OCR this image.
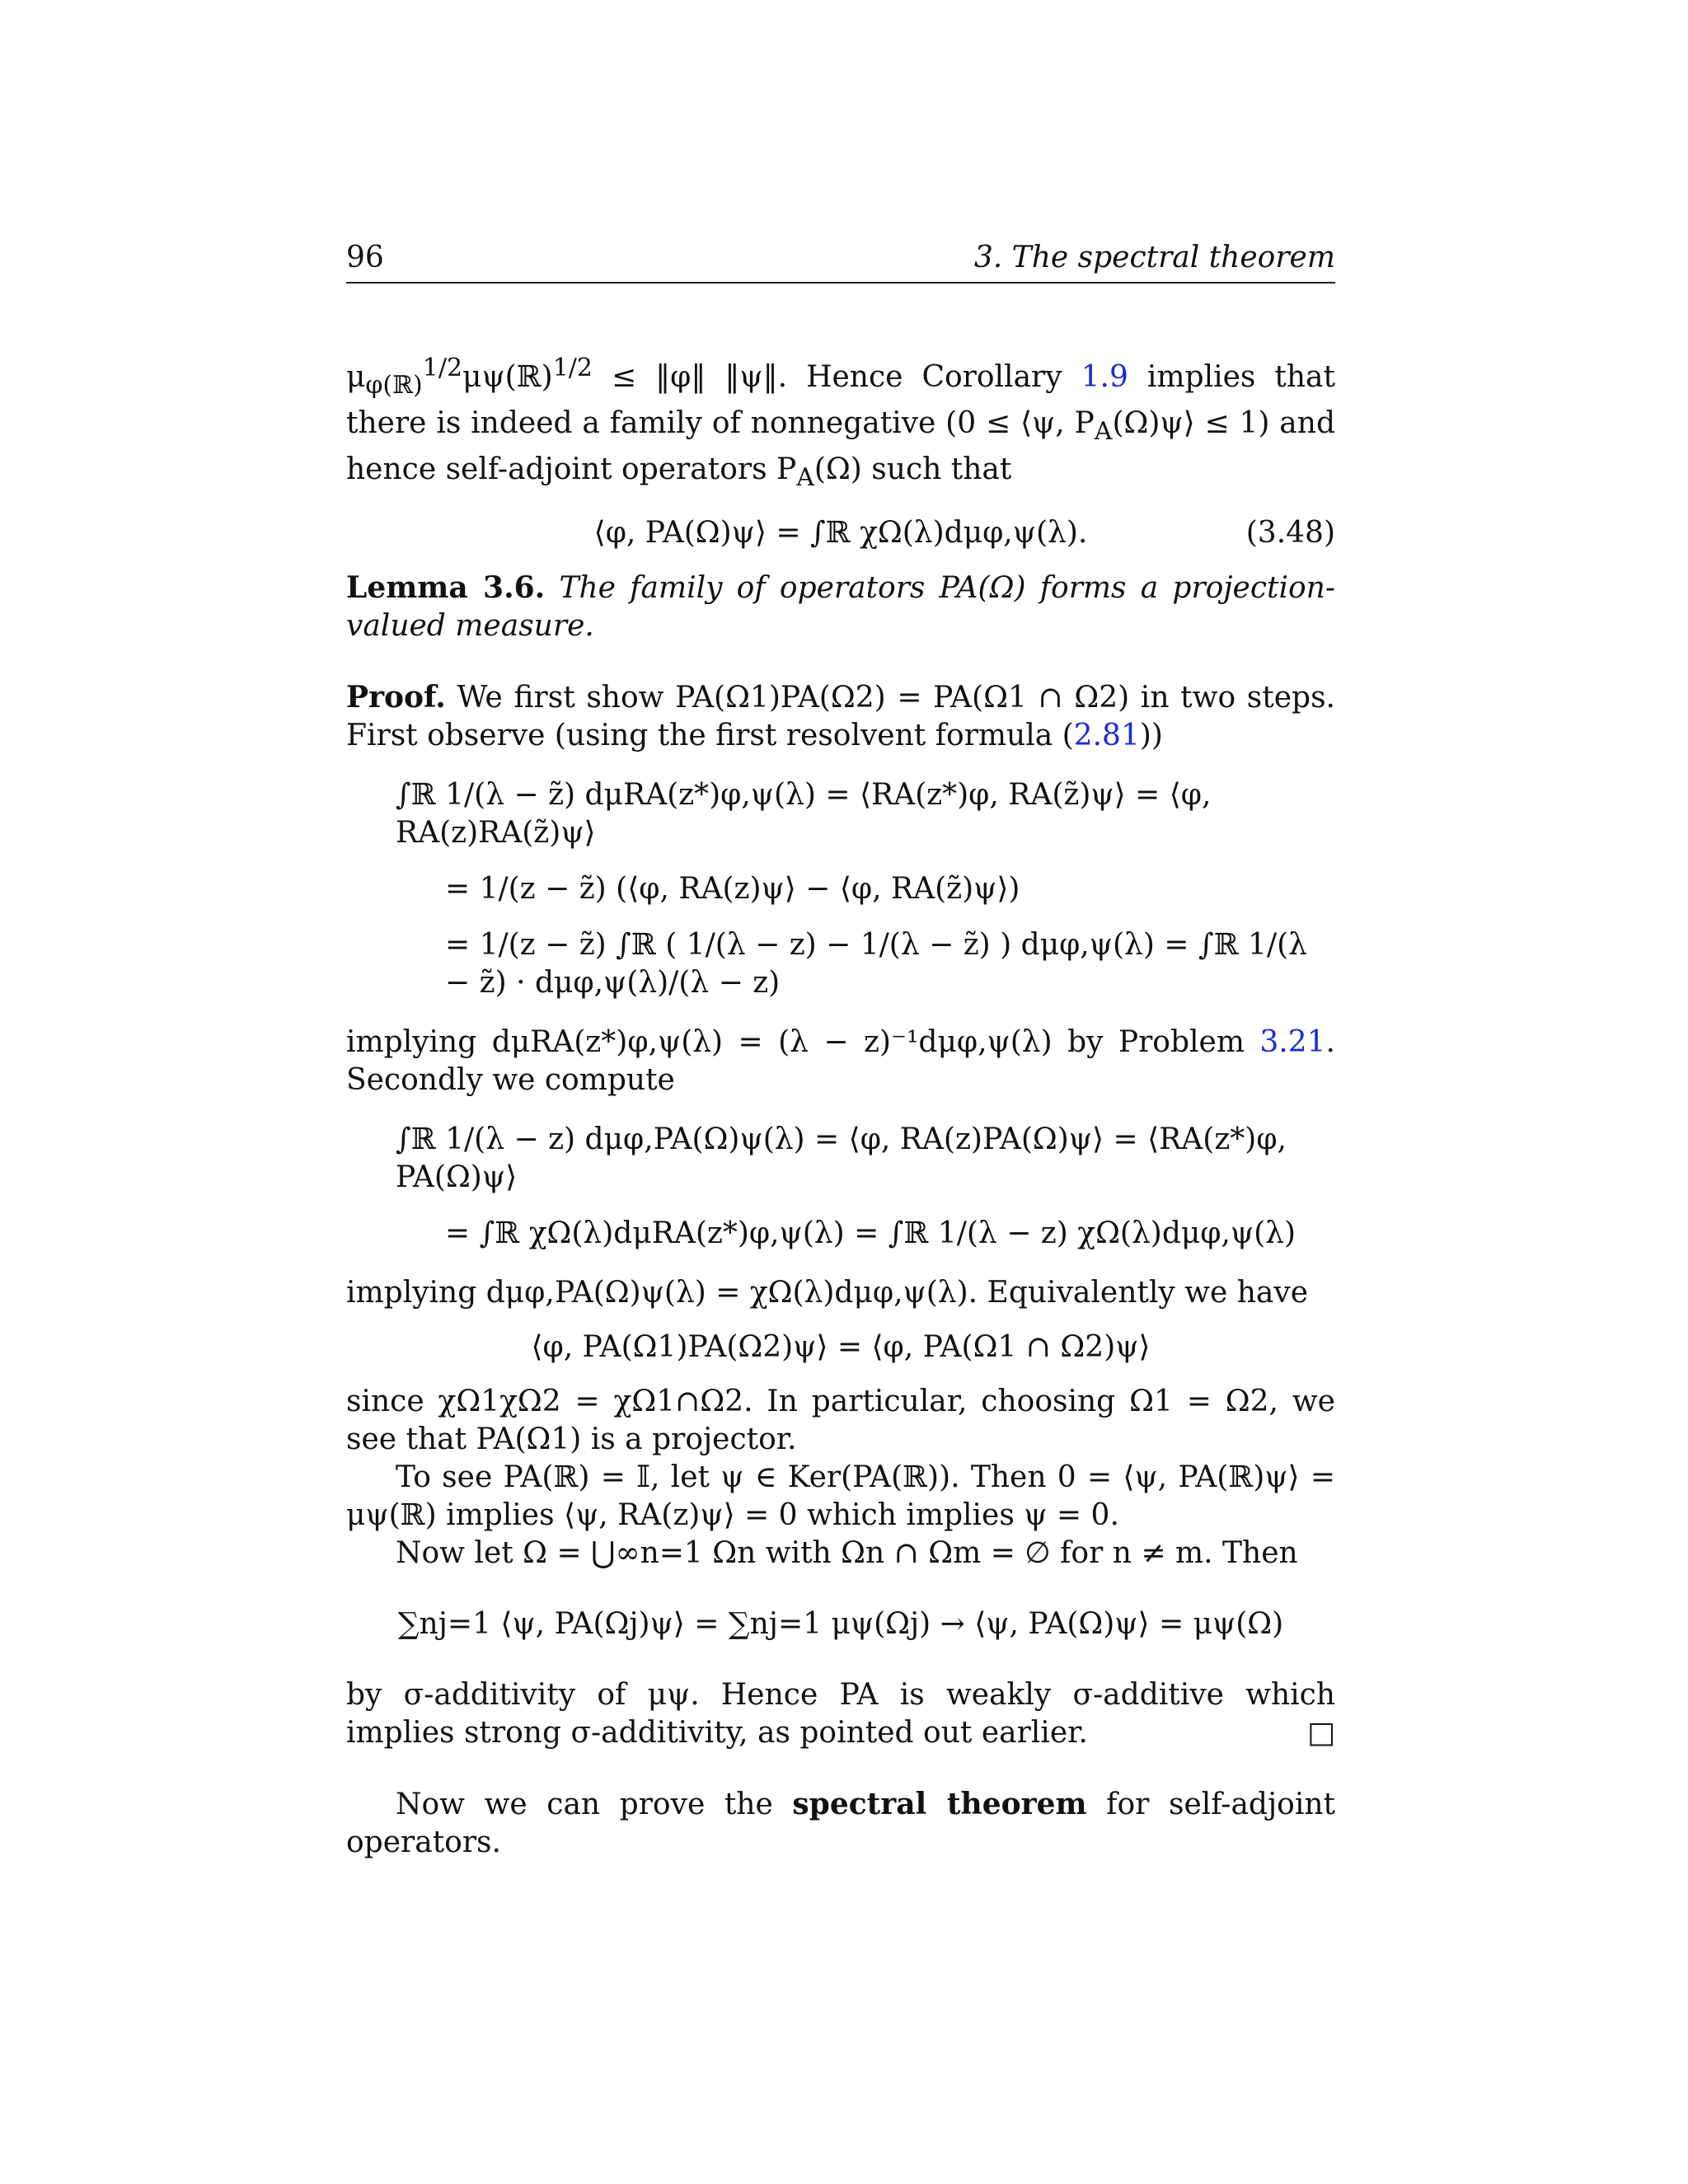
96	3. The spectral theorem

$\mu_{\varphi(ℝ)}^{1/2}\mu\psi(ℝ)^{1/2}$ ≤ ‖φ‖ ‖ψ‖. Hence Corollary 1.9 implies that there is indeed a family of nonnegative (0 ≤ ⟨ψ, $P_A(\Omega)\psi⟩ \le 1$) and hence self-adjoint operators $P_A(\Omega)$ such that

⟨φ, PA(Ω)ψ⟩ = ∫ℝ χΩ(λ)dμφ,ψ(λ).	(3.48)

Lemma 3.6. The family of operators PA(Ω) forms a projection-valued measure.

Proof. We first show PA(Ω1)PA(Ω2) = PA(Ω1 ∩ Ω2) in two steps. First observe (using the first resolvent formula (2.81))

∫ℝ 1/(λ − z̃) dμRA(z*)φ,ψ(λ) = ⟨RA(z*)φ, RA(z̃)ψ⟩ = ⟨φ, RA(z)RA(z̃)ψ⟩
= 1/(z − z̃) (⟨φ, RA(z)ψ⟩ − ⟨φ, RA(z̃)ψ⟩)
= 1/(z − z̃) ∫ℝ ( 1/(λ − z) − 1/(λ − z̃) ) dμφ,ψ(λ) = ∫ℝ 1/(λ − z̃) · dμφ,ψ(λ)/(λ − z)

implying dμRA(z*)φ,ψ(λ) = (λ − z)⁻¹dμφ,ψ(λ) by Problem 3.21. Secondly we compute

∫ℝ 1/(λ − z) dμφ,PA(Ω)ψ(λ) = ⟨φ, RA(z)PA(Ω)ψ⟩ = ⟨RA(z*)φ, PA(Ω)ψ⟩
= ∫ℝ χΩ(λ)dμRA(z*)φ,ψ(λ) = ∫ℝ 1/(λ − z) χΩ(λ)dμφ,ψ(λ)

implying dμφ,PA(Ω)ψ(λ) = χΩ(λ)dμφ,ψ(λ). Equivalently we have

⟨φ, PA(Ω1)PA(Ω2)ψ⟩ = ⟨φ, PA(Ω1 ∩ Ω2)ψ⟩

since χΩ1χΩ2 = χΩ1∩Ω2. In particular, choosing Ω1 = Ω2, we see that PA(Ω1) is a projector.

To see PA(ℝ) = 𝕀, let ψ ∈ Ker(PA(ℝ)). Then 0 = ⟨ψ, PA(ℝ)ψ⟩ = μψ(ℝ) implies ⟨ψ, RA(z)ψ⟩ = 0 which implies ψ = 0.

Now let Ω = ⋃∞n=1 Ωn with Ωn ∩ Ωm = ∅ for n ≠ m. Then

∑nj=1 ⟨ψ, PA(Ωj)ψ⟩ = ∑nj=1 μψ(Ωj) → ⟨ψ, PA(Ω)ψ⟩ = μψ(Ω)

by σ-additivity of μψ. Hence PA is weakly σ-additive which implies strong σ-additivity, as pointed out earlier.	□

Now we can prove the spectral theorem for self-adjoint operators.
